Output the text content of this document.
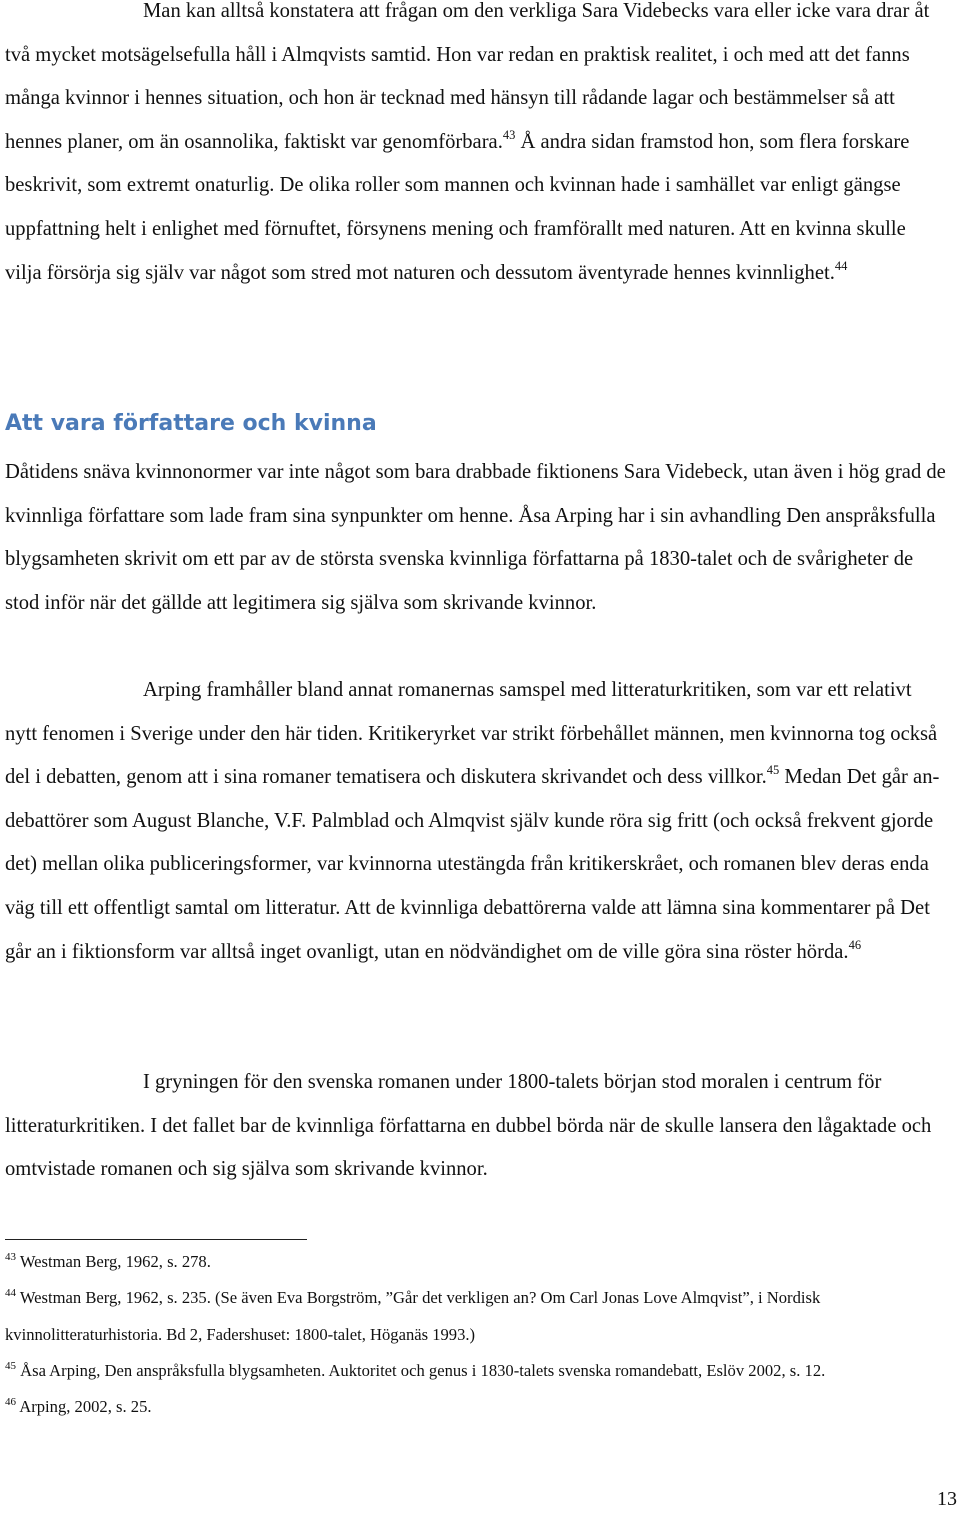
Man kan alltså konstatera att frågan om den verkliga Sara Videbecks vara eller icke vara drar åt två mycket motsägelsefulla håll i Almqvists samtid. Hon var redan en praktisk realitet, i och med att det fanns många kvinnor i hennes situation, och hon är tecknad med hänsyn till rådande lagar och bestämmelser så att hennes planer, om än osannolika, faktiskt var genomförbara.$^{43}$ Å andra sidan framstod hon, som flera forskare beskrivit, som extremt onaturlig. De olika roller som mannen och kvinnan hade i samhället var enligt gängse uppfattning helt i enlighet med förnuftet, försynens mening och framförallt med naturen. Att en kvinna skulle vilja försörja sig själv var något som stred mot naturen och dessutom äventyrade hennes kvinnlighet.$^{44}$

Att vara författare och kvinna

Dåtidens snäva kvinnonormer var inte något som bara drabbade fiktionens Sara Videbeck, utan även i hög grad de kvinnliga författare som lade fram sina synpunkter om henne. Åsa Arping har i sin avhandling Den anspråksfulla blygsamheten skrivit om ett par av de största svenska kvinnliga författarna på 1830-talet och de svårigheter de stod inför när det gällde att legitimera sig själva som skrivande kvinnor.

Arping framhåller bland annat romanernas samspel med litteraturkritiken, som var ett relativt nytt fenomen i Sverige under den här tiden. Kritikeryrket var strikt förbehållet männen, men kvinnorna tog också del i debatten, genom att i sina romaner tematisera och diskutera skrivandet och dess villkor.$^{45}$ Medan Det går an-debattörer som August Blanche, V.F. Palmblad och Almqvist själv kunde röra sig fritt (och också frekvent gjorde det) mellan olika publiceringsformer, var kvinnorna utestängda från kritikerskrået, och romanen blev deras enda väg till ett offentligt samtal om litteratur. Att de kvinnliga debattörerna valde att lämna sina kommentarer på Det går an i fiktionsform var alltså inget ovanligt, utan en nödvändighet om de ville göra sina röster hörda.$^{46}$

I gryningen för den svenska romanen under 1800-talets början stod moralen i centrum för litteraturkritiken. I det fallet bar de kvinnliga författarna en dubbel börda när de skulle lansera den lågaktade och omtvistade romanen och sig själva som skrivande kvinnor.

$^{43}$ Westman Berg, 1962, s. 278.

$^{44}$ Westman Berg, 1962, s. 235. (Se även Eva Borgström, ”Går det verkligen an? Om Carl Jonas Love Almqvist”, i Nordisk kvinnolitteraturhistoria. Bd 2, Fadershuset: 1800-talet, Höganäs 1993.)

$^{45}$ Åsa Arping, Den anspråksfulla blygsamheten. Auktoritet och genus i 1830-talets svenska romandebatt, Eslöv 2002, s. 12.

$^{46}$ Arping, 2002, s. 25.

13
